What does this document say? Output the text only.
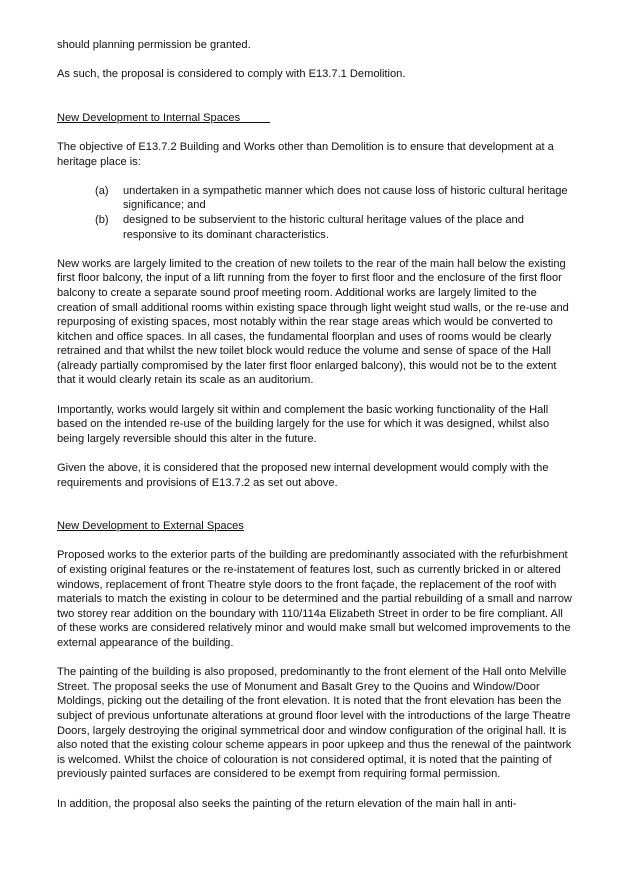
should planning permission be granted.

As such, the proposal is considered to comply with E13.7.1 Demolition.

New Development to Internal Spaces

The objective of E13.7.2 Building and Works other than Demolition is to ensure that development at a heritage place is:

(a)	undertaken in a sympathetic manner which does not cause loss of historic cultural heritage significance; and
(b)	designed to be subservient to the historic cultural heritage values of the place and responsive to its dominant characteristics.

New works are largely limited to the creation of new toilets to the rear of the main hall below the existing first floor balcony, the input of a lift running from the foyer to first floor and the enclosure of the first floor balcony to create a separate sound proof meeting room. Additional works are largely limited to the creation of small additional rooms within existing space through light weight stud walls, or the re-use and repurposing of existing spaces, most notably within the rear stage areas which would be converted to kitchen and office spaces. In all cases, the fundamental floorplan and uses of rooms would be clearly retrained and that whilst the new toilet block would reduce the volume and sense of space of the Hall (already partially compromised by the later first floor enlarged balcony), this would not be to the extent that it would clearly retain its scale as an auditorium.

Importantly, works would largely sit within and complement the basic working functionality of the Hall based on the intended re-use of the building largely for the use for which it was designed, whilst also being largely reversible should this alter in the future.

Given the above, it is considered that the proposed new internal development would comply with the requirements and provisions of E13.7.2 as set out above.

New Development to External Spaces

Proposed works to the exterior parts of the building are predominantly associated with the refurbishment of existing original features or the re-instatement of features lost, such as currently bricked in or altered windows, replacement of front Theatre style doors to the front façade, the replacement of the roof with materials to match the existing in colour to be determined and the partial rebuilding of a small and narrow two storey rear addition on the boundary with 110/114a Elizabeth Street in order to be fire compliant. All of these works are considered relatively minor and would make small but welcomed improvements to the external appearance of the building.

The painting of the building is also proposed, predominantly to the front element of the Hall onto Melville Street. The proposal seeks the use of Monument and Basalt Grey to the Quoins and Window/Door Moldings, picking out the detailing of the front elevation. It is noted that the front elevation has been the subject of previous unfortunate alterations at ground floor level with the introductions of the large Theatre Doors, largely destroying the original symmetrical door and window configuration of the original hall. It is also noted that the existing colour scheme appears in poor upkeep and thus the renewal of the paintwork is welcomed. Whilst the choice of colouration is not considered optimal, it is noted that the painting of previously painted surfaces are considered to be exempt from requiring formal permission.

In addition, the proposal also seeks the painting of the return elevation of the main hall in anti-
